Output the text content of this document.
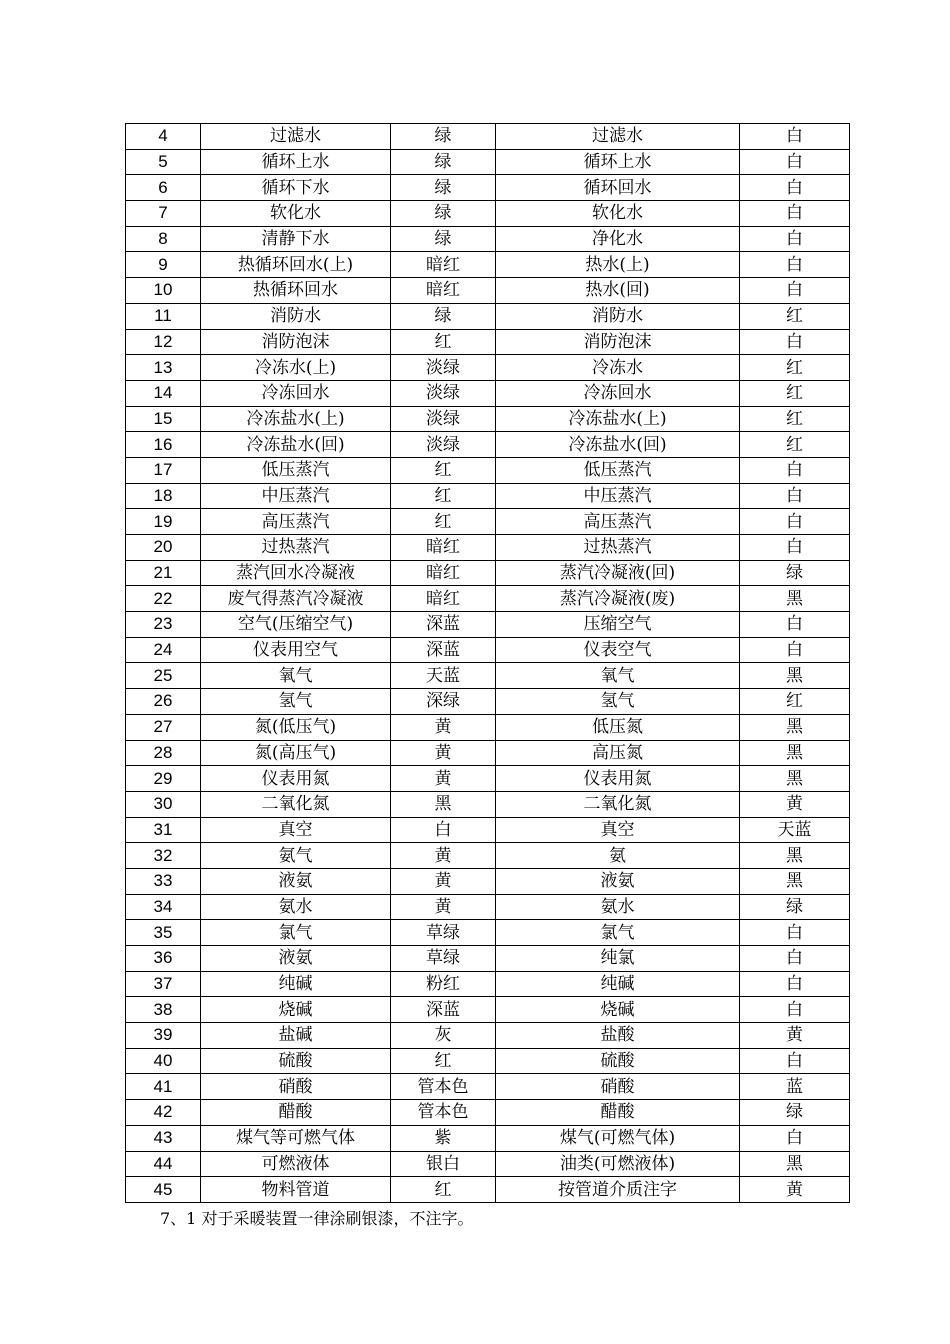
4	过滤水	绿	过滤水	白
5	循环上水	绿	循环上水	白
6	循环下水	绿	循环回水	白
7	软化水	绿	软化水	白
8	清静下水	绿	净化水	白
9	热循环回水(上)	暗红	热水(上)	白
10	热循环回水	暗红	热水(回)	白
11	消防水	绿	消防水	红
12	消防泡沫	红	消防泡沫	白
13	冷冻水(上)	淡绿	冷冻水	红
14	冷冻回水	淡绿	冷冻回水	红
15	冷冻盐水(上)	淡绿	冷冻盐水(上)	红
16	冷冻盐水(回)	淡绿	冷冻盐水(回)	红
17	低压蒸汽	红	低压蒸汽	白
18	中压蒸汽	红	中压蒸汽	白
19	高压蒸汽	红	高压蒸汽	白
20	过热蒸汽	暗红	过热蒸汽	白
21	蒸汽回水冷凝液	暗红	蒸汽冷凝液(回)	绿
22	废气得蒸汽冷凝液	暗红	蒸汽冷凝液(废)	黑
23	空气(压缩空气)	深蓝	压缩空气	白
24	仪表用空气	深蓝	仪表空气	白
25	氧气	天蓝	氧气	黑
26	氢气	深绿	氢气	红
27	氮(低压气)	黄	低压氮	黑
28	氮(高压气)	黄	高压氮	黑
29	仪表用氮	黄	仪表用氮	黑
30	二氧化氮	黑	二氧化氮	黄
31	真空	白	真空	天蓝
32	氨气	黄	氨	黑
33	液氨	黄	液氨	黑
34	氨水	黄	氨水	绿
35	氯气	草绿	氯气	白
36	液氨	草绿	纯氯	白
37	纯碱	粉红	纯碱	白
38	烧碱	深蓝	烧碱	白
39	盐碱	灰	盐酸	黄
40	硫酸	红	硫酸	白
41	硝酸	管本色	硝酸	蓝
42	醋酸	管本色	醋酸	绿
43	煤气等可燃气体	紫	煤气(可燃气体)	白
44	可燃液体	银白	油类(可燃液体)	黑
45	物料管道	红	按管道介质注字	黄
7、1 对于采暖装置一律涂刷银漆，不注字。
